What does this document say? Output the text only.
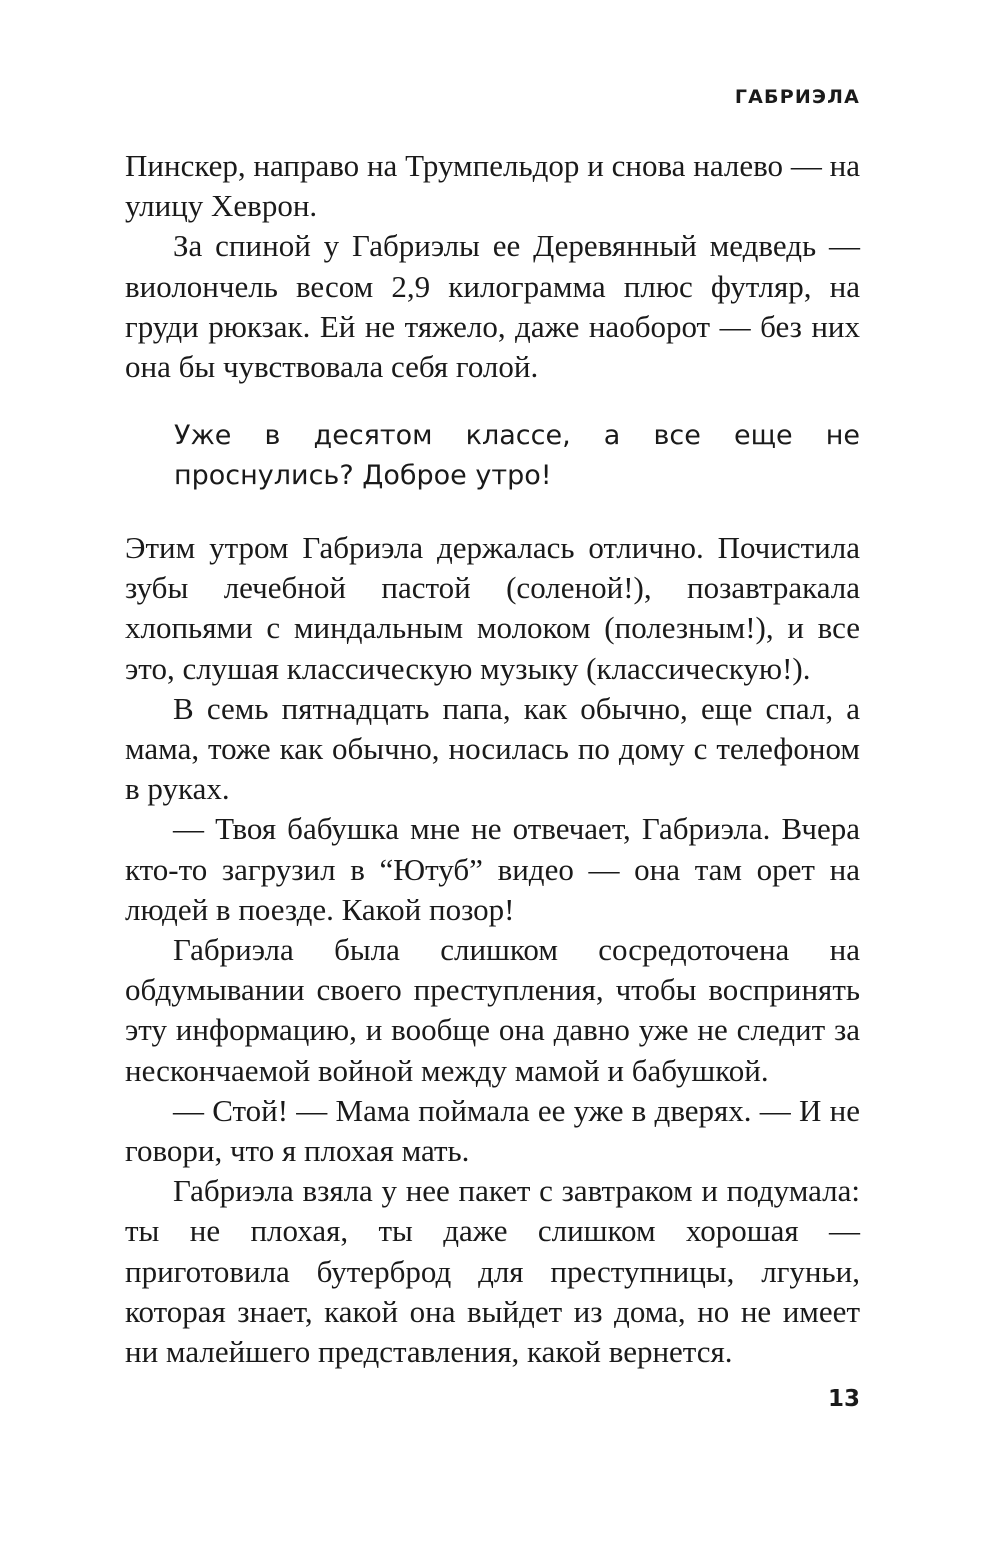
ГАБРИЭЛА

Пинскер, направо на Трумпельдор и снова налево — на улицу Хеврон.

За спиной у Габриэлы ее Деревянный медведь — виолончель весом 2,9 килограмма плюс футляр, на груди рюкзак. Ей не тяжело, даже наоборот — без них она бы чувствовала себя голой.

Уже в десятом классе, а все еще не проснулись? Доброе утро!

Этим утром Габриэла держалась отлично. Почистила зубы лечебной пастой (соленой!), позавтракала хлопьями с миндальным молоком (полезным!), и все это, слушая классическую музыку (классическую!).

В семь пятнадцать папа, как обычно, еще спал, а мама, тоже как обычно, носилась по дому с телефоном в руках.

— Твоя бабушка мне не отвечает, Габриэла. Вчера кто-то загрузил в “Ютуб” видео — она там орет на людей в поезде. Какой позор!

Габриэла была слишком сосредоточена на обдумывании своего преступления, чтобы воспринять эту информацию, и вообще она давно уже не следит за нескончаемой войной между мамой и бабушкой.

— Стой! — Мама поймала ее уже в дверях. — И не говори, что я плохая мать.

Габриэла взяла у нее пакет с завтраком и подумала: ты не плохая, ты даже слишком хорошая — приготовила бутерброд для преступницы, лгуньи, которая знает, какой она выйдет из дома, но не имеет ни малейшего представления, какой вернется.

13
